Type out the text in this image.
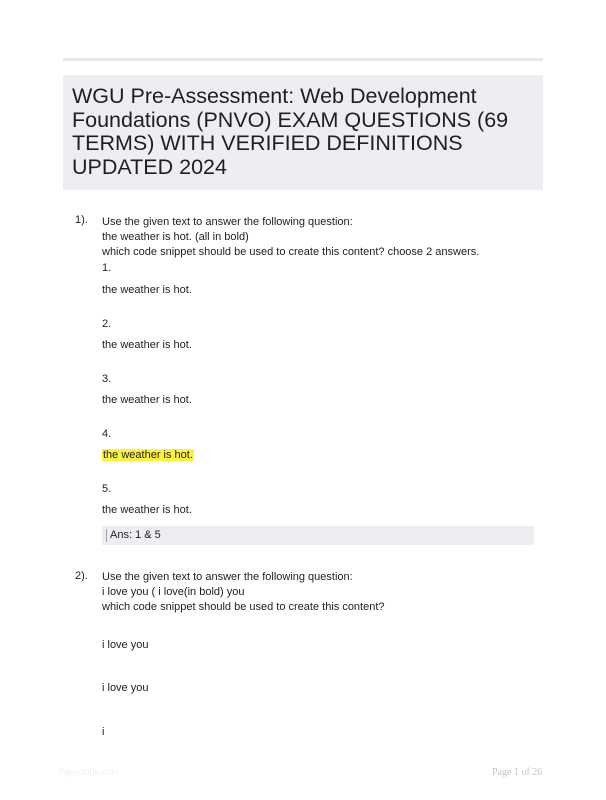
WGU Pre-Assessment: Web Development Foundations (PNVO) EXAM QUESTIONS (69 TERMS) WITH VERIFIED DEFINITIONS UPDATED 2024
1). Use the given text to answer the following question:
the weather is hot. (all in bold)
which code snippet should be used to create this content? choose 2 answers.
1.
the weather is hot.
2.
the weather is hot.
3.
the weather is hot.
4.
the weather is hot.
5.
the weather is hot.
Ans: 1 & 5
2). Use the given text to answer the following question:
i love you ( i love(in bold) you
which code snippet should be used to create this content?
i love you
i love you
i
Papertube.com	Page 1 of 26
